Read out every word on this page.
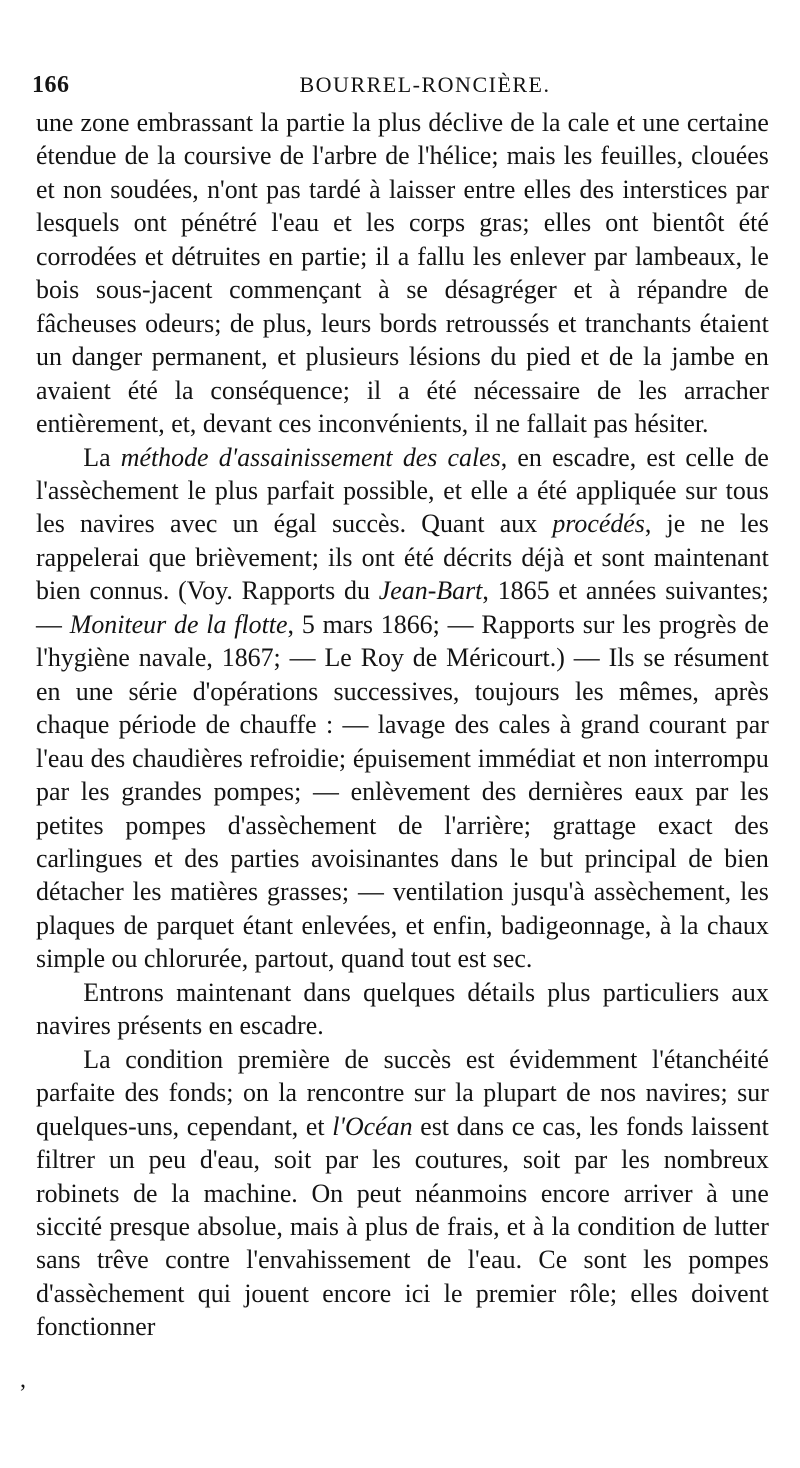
166	BOURREL-RONCIÈRE.
,

une zone embrassant la partie la plus déclive de la cale et une certaine étendue de la coursive de l'arbre de l'hélice; mais les feuilles, clouées et non soudées, n'ont pas tardé à laisser entre elles des interstices par lesquels ont pénétré l'eau et les corps gras; elles ont bientôt été corrodées et détruites en partie; il a fallu les enlever par lambeaux, le bois sous-jacent commençant à se désagréger et à répandre de fâcheuses odeurs; de plus, leurs bords retroussés et tranchants étaient un danger permanent, et plusieurs lésions du pied et de la jambe en avaient été la conséquence; il a été nécessaire de les arracher entièrement, et, devant ces inconvénients, il ne fallait pas hésiter.

La méthode d'assainissement des cales, en escadre, est celle de l'assèchement le plus parfait possible, et elle a été appliquée sur tous les navires avec un égal succès. Quant aux procédés, je ne les rappelerai que brièvement; ils ont été décrits déjà et sont maintenant bien connus. (Voy. Rapports du Jean-Bart, 1865 et années suivantes; — Moniteur de la flotte, 5 mars 1866; — Rapports sur les progrès de l'hygiène navale, 1867; — Le Roy de Méricourt.) — Ils se résument en une série d'opérations successives, toujours les mêmes, après chaque période de chauffe : — lavage des cales à grand courant par l'eau des chaudières refroidie; épuisement immédiat et non interrompu par les grandes pompes; — enlèvement des dernières eaux par les petites pompes d'assèchement de l'arrière; grattage exact des carlingues et des parties avoisinantes dans le but principal de bien détacher les matières grasses; — ventilation jusqu'à assèchement, les plaques de parquet étant enlevées, et enfin, badigeonnage, à la chaux simple ou chlorurée, partout, quand tout est sec.

Entrons maintenant dans quelques détails plus particuliers aux navires présents en escadre.

La condition première de succès est évidemment l'étanchéité parfaite des fonds; on la rencontre sur la plupart de nos navires; sur quelques-uns, cependant, et l'Océan est dans ce cas, les fonds laissent filtrer un peu d'eau, soit par les coutures, soit par les nombreux robinets de la machine. On peut néanmoins encore arriver à une siccité presque absolue, mais à plus de frais, et à la condition de lutter sans trêve contre l'envahissement de l'eau. Ce sont les pompes d'assèchement qui jouent encore ici le premier rôle; elles doivent fonctionner
